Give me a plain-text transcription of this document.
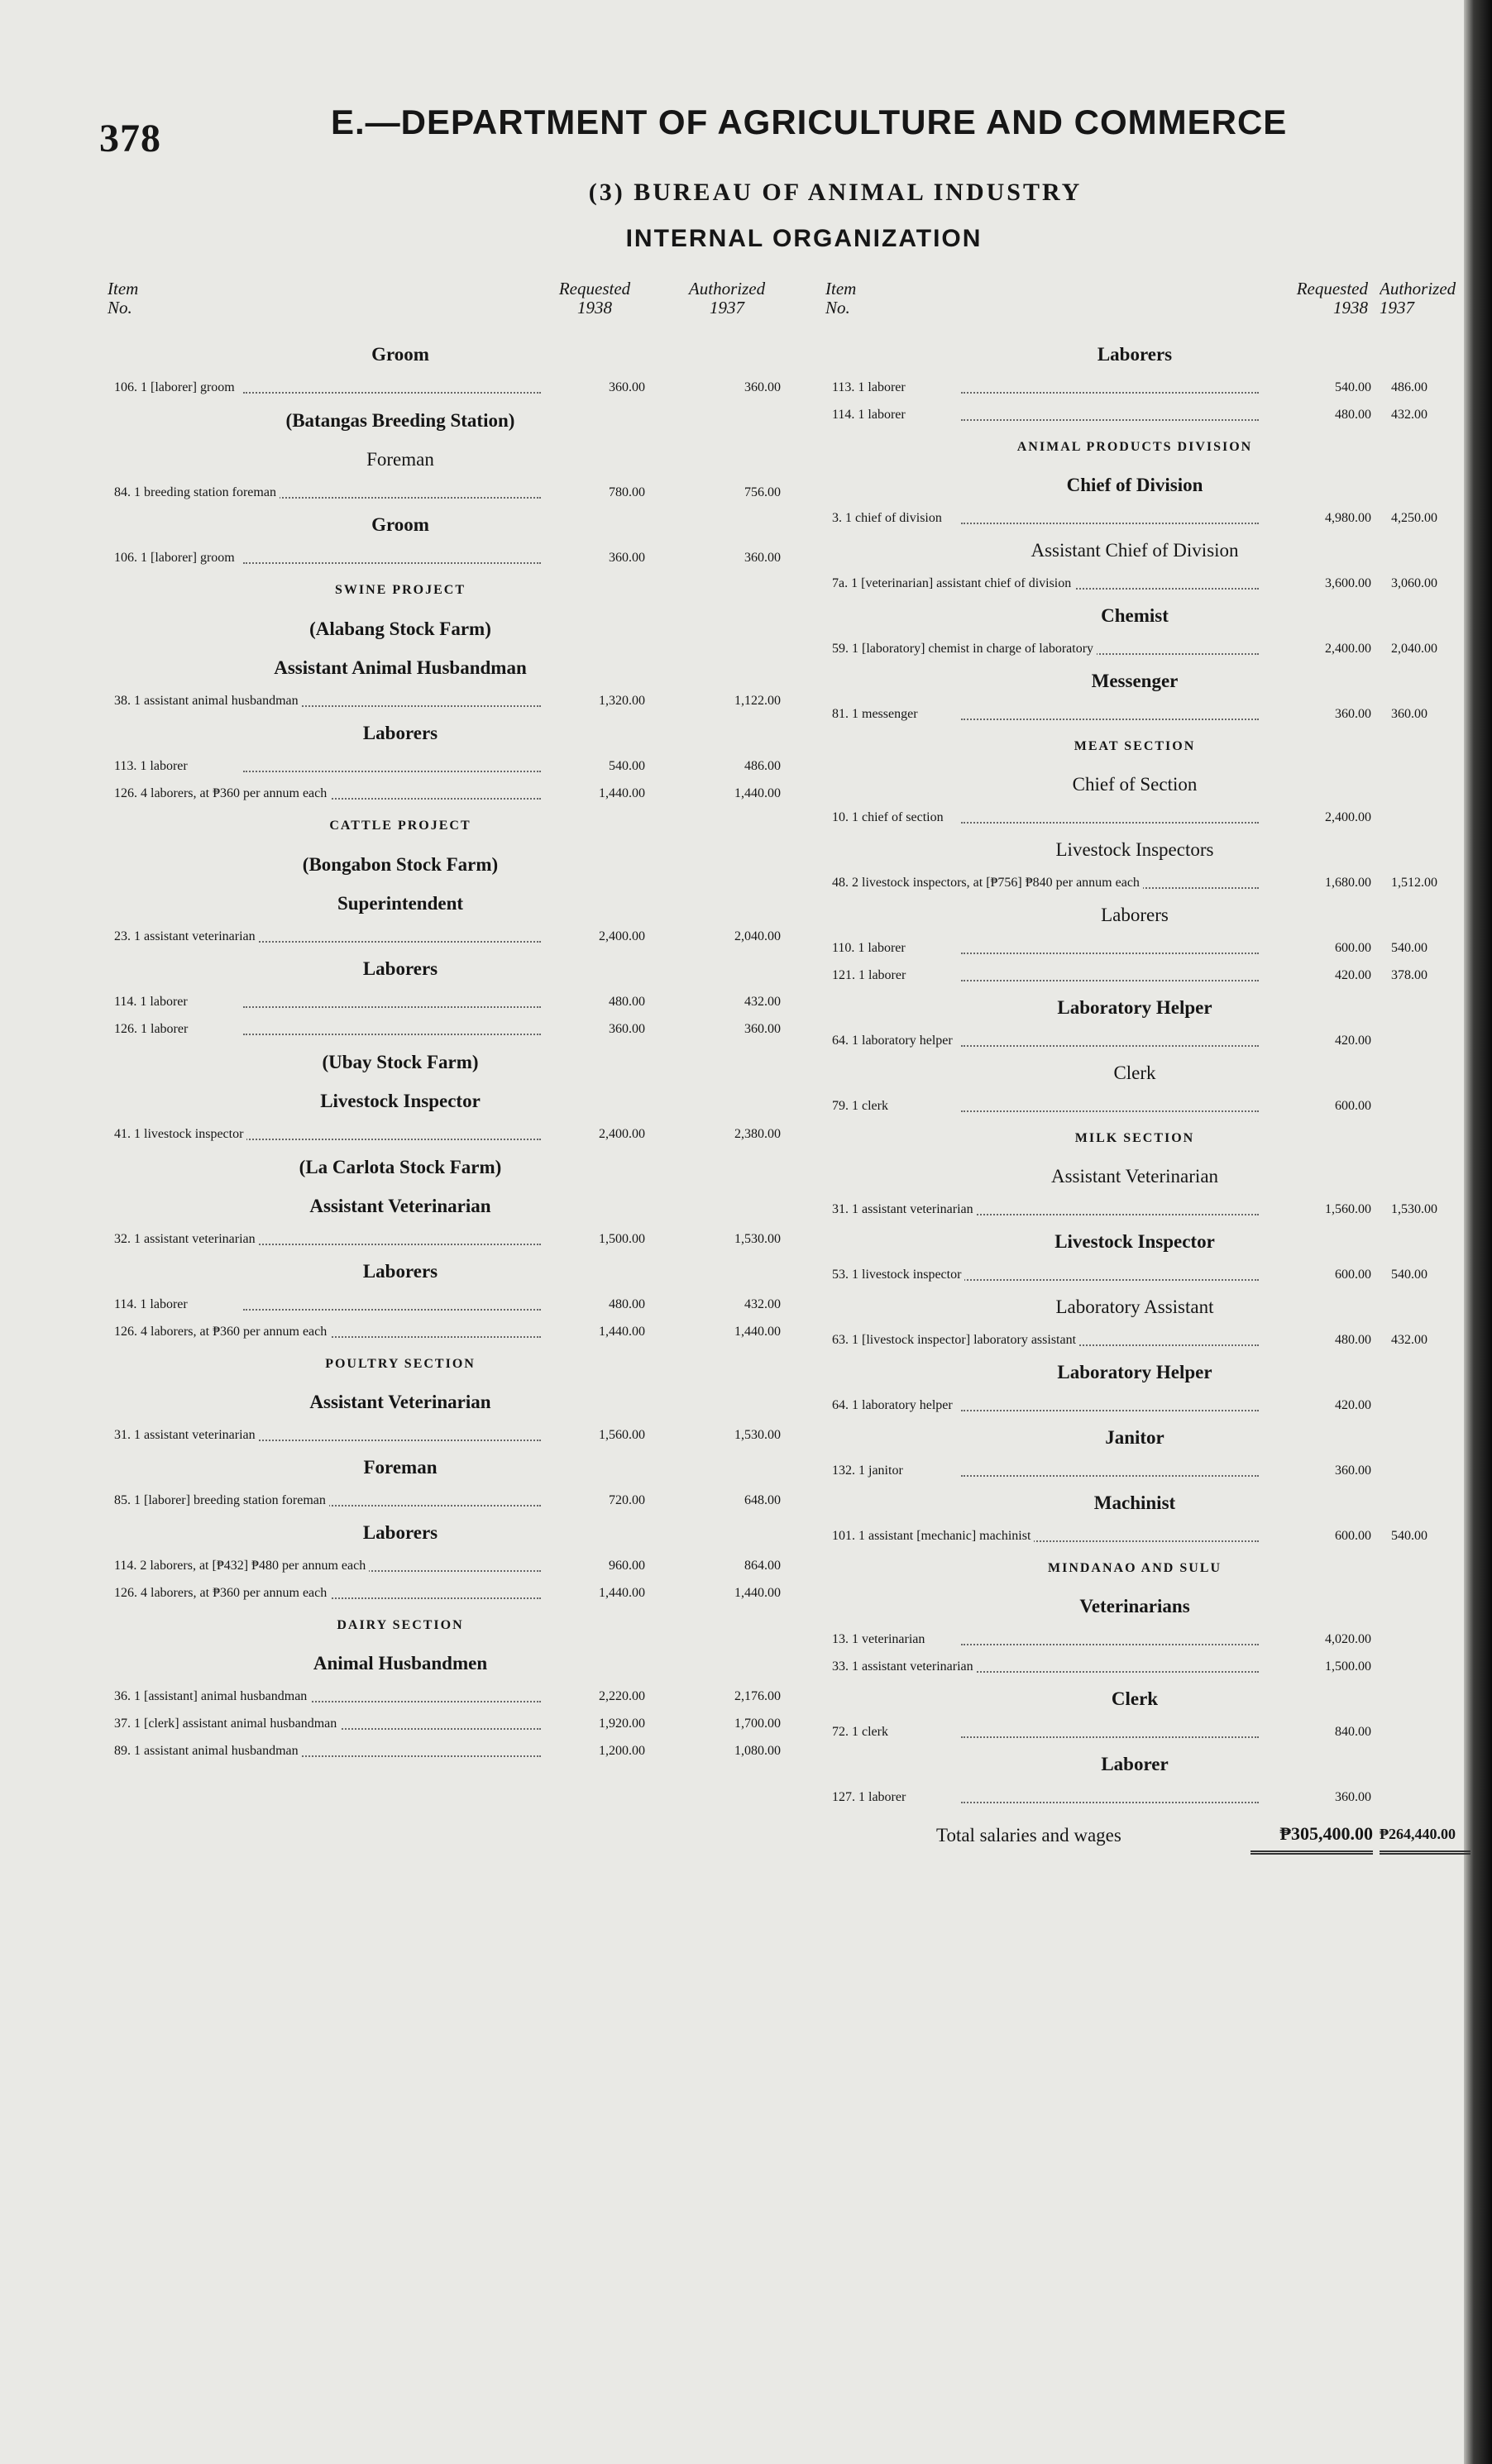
378	E.—DEPARTMENT OF AGRICULTURE AND COMMERCE
(3) BUREAU OF ANIMAL INDUSTRY
INTERNAL ORGANIZATION
Item
No.
Requested
1938
Authorized
1937
Groom
106. 1 [laborer] groom	360.00	360.00
(Batangas Breeding Station)
Foreman
84. 1 breeding station foreman	780.00	756.00
Groom
106. 1 [laborer] groom	360.00	360.00
SWINE PROJECT
(Alabang Stock Farm)
Assistant Animal Husbandman
38. 1 assistant animal husbandman	1,320.00	1,122.00
Laborers
113. 1 laborer	540.00	486.00
126. 4 laborers, at ₱360 per annum each	1,440.00	1,440.00
CATTLE PROJECT
(Bongabon Stock Farm)
Superintendent
23. 1 assistant veterinarian	2,400.00	2,040.00
Laborers
114. 1 laborer	480.00	432.00
126. 1 laborer	360.00	360.00
(Ubay Stock Farm)
Livestock Inspector
41. 1 livestock inspector	2,400.00	2,380.00
(La Carlota Stock Farm)
Assistant Veterinarian
32. 1 assistant veterinarian	1,500.00	1,530.00
Laborers
114. 1 laborer	480.00	432.00
126. 4 laborers, at ₱360 per annum each	1,440.00	1,440.00
POULTRY SECTION
Assistant Veterinarian
31. 1 assistant veterinarian	1,560.00	1,530.00
Foreman
85. 1 [laborer] breeding station foreman	720.00	648.00
Laborers
114. 2 laborers, at [₱432] ₱480 per annum each	960.00	864.00
126. 4 laborers, at ₱360 per annum each	1,440.00	1,440.00
DAIRY SECTION
Animal Husbandmen
36. 1 [assistant] animal husbandman	2,220.00	2,176.00
37. 1 [clerk] assistant animal husbandman	1,920.00	1,700.00
89. 1 assistant animal husbandman	1,200.00	1,080.00
Item
No.
Requested
1938
Authorized
1937
Laborers
113. 1 laborer	540.00 486.00
114. 1 laborer	480.00 432.00
ANIMAL PRODUCTS DIVISION
Chief of Division
3. 1 chief of division	4,980.00 4,250.00
Assistant Chief of Division
7a. 1 [veterinarian] assistant chief of division	3,600.00 3,060.00
Chemist
59. 1 [laboratory] chemist in charge of laboratory	2,400.00 2,040.00
Messenger
81. 1 messenger	360.00 360.00
MEAT SECTION
Chief of Section
10. 1 chief of section	2,400.00
Livestock Inspectors
48. 2 livestock inspectors, at [₱756] ₱840 per annum each	1,680.00 1,512.00
Laborers
110. 1 laborer	600.00 540.00
121. 1 laborer	420.00 378.00
Laboratory Helper
64. 1 laboratory helper	420.00
Clerk
79. 1 clerk	600.00
MILK SECTION
Assistant Veterinarian
31. 1 assistant veterinarian	1,560.00 1,530.00
Livestock Inspector
53. 1 livestock inspector	600.00 540.00
Laboratory Assistant
63. 1 [livestock inspector] laboratory assistant	480.00 432.00
Laboratory Helper
64. 1 laboratory helper	420.00
Janitor
132. 1 janitor	360.00
Machinist
101. 1 assistant [mechanic] machinist	600.00 540.00
MINDANAO AND SULU
Veterinarians
13. 1 veterinarian	4,020.00
33. 1 assistant veterinarian	1,500.00
Clerk
72. 1 clerk	840.00
Laborer
127. 1 laborer	360.00
Total salaries and wages	₱305,400.00 ₱264,440.00
